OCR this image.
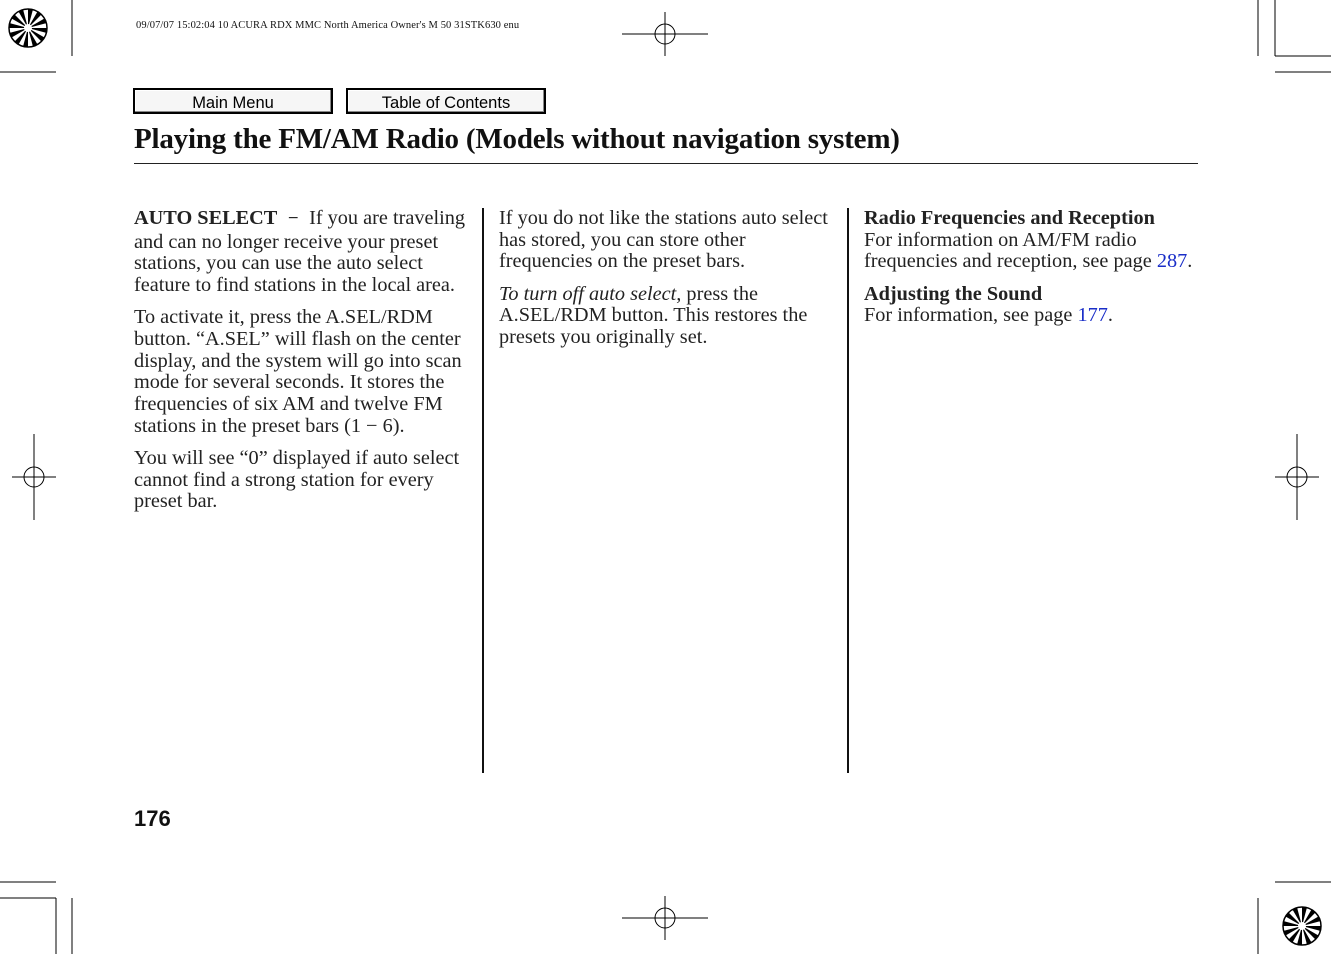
09/07/07 15:02:04 10 ACURA RDX MMC North America Owner's M 50 31STK630 enu
Main Menu	Table of Contents
Playing the FM/AM Radio (Models without navigation system)

AUTO SELECT − If you are traveling and can no longer receive your preset stations, you can use the auto select feature to find stations in the local area.

To activate it, press the A.SEL/RDM button. “A.SEL” will flash on the center display, and the system will go into scan mode for several seconds. It stores the frequencies of six AM and twelve FM stations in the preset bars (1 − 6).

You will see “0” displayed if auto select cannot find a strong station for every preset bar.

If you do not like the stations auto select has stored, you can store other frequencies on the preset bars.

To turn off auto select, press the A.SEL/RDM button. This restores the presets you originally set.

Radio Frequencies and Reception
For information on AM/FM radio frequencies and reception, see page 287.

Adjusting the Sound
For information, see page 177.

176
